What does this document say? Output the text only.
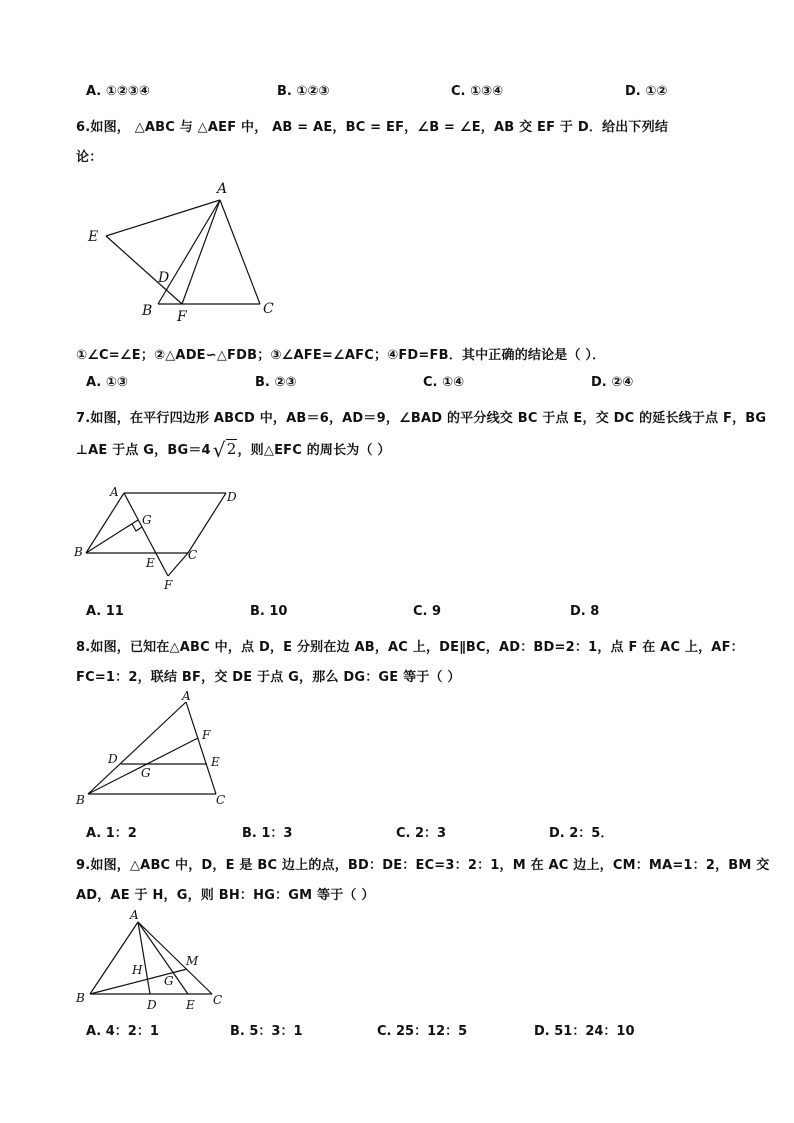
A. ①②③④	B. ①②③	C. ①③④	D. ①②
6.如图， △ABC 与 △AEF 中， AB = AE，BC = EF，∠B = ∠E，AB 交 EF 于 D．给出下列结
论：
A
E
D
B F	C
①∠C=∠E；②△ADE∽△FDB；③∠AFE=∠AFC；④FD=FB．其中正确的结论是（ ）．
A. ①③	B. ②③	C. ①④	D. ②④
7.如图，在平行四边形 ABCD 中，AB＝6，AD＝9，∠BAD 的平分线交 BC 于点 E，交 DC 的延长线于点 F，BG
⊥AE 于点 G，BG＝4 √2，则△EFC 的周长为（ ）
A	D
G
B
E
C
F
A. 11	B. 10	C. 9	D. 8
8.如图，已知在△ABC 中，点 D，E 分别在边 AB，AC 上，DE∥BC，AD：BD=2：1，点 F 在 AC 上，AF：
FC=1：2，联结 BF，交 DE 于点 G，那么 DG：GE 等于（ ）
A
F
D	E
G
B	C
A. 1：2	B. 1：3	C. 2：3	D. 2：5．
9.如图，△ABC 中，D，E 是 BC 边上的点，BD：DE：EC=3：2：1，M 在 AC 边上，CM：MA=1：2，BM 交
AD，AE 于 H，G，则 BH：HG：GM 等于（ ）
A
M
H
G
B	D E C
A. 4：2：1	B. 5：3：1	C. 25：12：5	D. 51：24：10
